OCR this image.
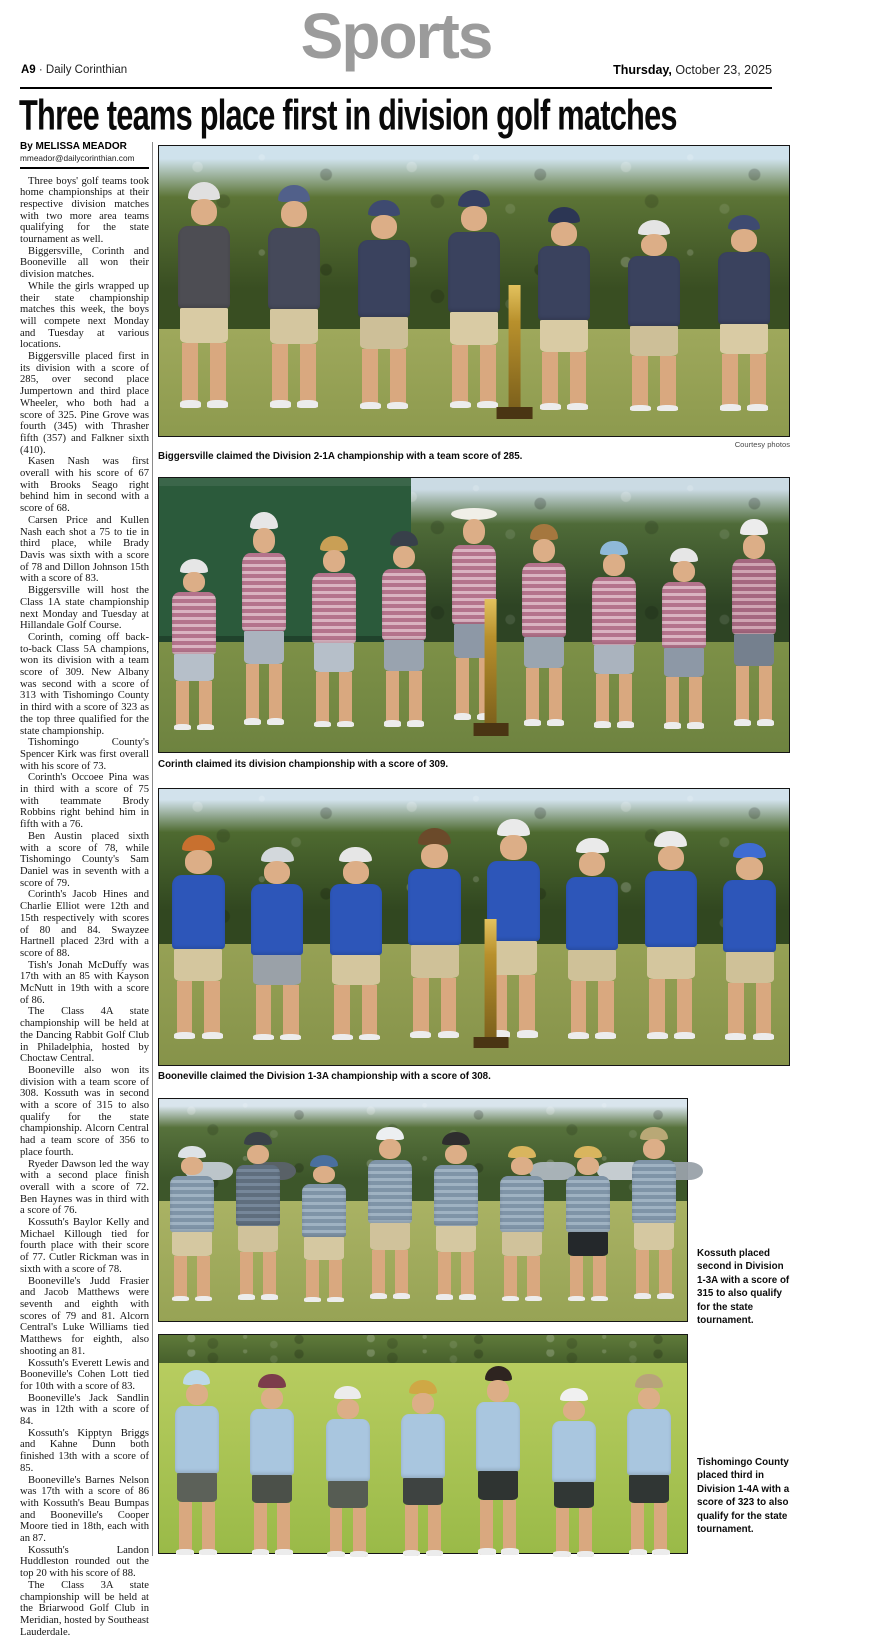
Sports
A9 · Daily Corinthian	Thursday, October 23, 2025
Three teams place first in division golf matches
By MELISSA MEADOR
mmeador@dailycorinthian.com

Three boys' golf teams took home championships at their respective division matches with two more area teams qualifying for the state tournament as well.

Biggersville, Corinth and Booneville all won their division matches.

While the girls wrapped up their state championship matches this week, the boys will compete next Monday and Tuesday at various locations.

Biggersville placed first in its division with a score of 285, over second place Jumpertown and third place Wheeler, who both had a score of 325. Pine Grove was fourth (345) with Thrasher fifth (357) and Falkner sixth (410).

Kasen Nash was first overall with his score of 67 with Brooks Seago right behind him in second with a score of 68.

Carsen Price and Kullen Nash each shot a 75 to tie in third place, while Brady Davis was sixth with a score of 78 and Dillon Johnson 15th with a score of 83.

Biggersville will host the Class 1A state championship next Monday and Tuesday at Hillandale Golf Course.

Corinth, coming off back-to-back Class 5A champions, won its division with a team score of 309. New Albany was second with a score of 313 with Tishomingo County in third with a score of 323 as the top three qualified for the state championship.

Tishomingo County's Spencer Kirk was first overall with his score of 73.

Corinth's Occoee Pina was in third with a score of 75 with teammate Brody Robbins right behind him in fifth with a 76.

Ben Austin placed sixth with a score of 78, while Tishomingo County's Sam Daniel was in seventh with a score of 79.

Corinth's Jacob Hines and Charlie Elliot were 12th and 15th respectively with scores of 80 and 84. Swayzee Hartnell placed 23rd with a score of 88.

Tish's Jonah McDuffy was 17th with an 85 with Kayson McNutt in 19th with a score of 86.

The Class 4A state championship will be held at the Dancing Rabbit Golf Club in Philadelphia, hosted by Choctaw Central.

Booneville also won its division with a team score of 308. Kossuth was in second with a score of 315 to also qualify for the state championship. Alcorn Central had a team score of 356 to place fourth.

Ryeder Dawson led the way with a second place finish overall with a score of 72. Ben Haynes was in third with a score of 76.

Kossuth's Baylor Kelly and Michael Killough tied for fourth place with their score of 77. Cutler Rickman was in sixth with a score of 78.

Booneville's Judd Frasier and Jacob Matthews were seventh and eighth with scores of 79 and 81. Alcorn Central's Luke Williams tied Matthews for eighth, also shooting an 81.

Kossuth's Everett Lewis and Booneville's Cohen Lott tied for 10th with a score of 83.

Booneville's Jack Sandlin was in 12th with a score of 84.

Kossuth's Kipptyn Briggs and Kahne Dunn both finished 13th with a score of 85.

Booneville's Barnes Nelson was 17th with a score of 86 with Kossuth's Beau Bumpas and Booneville's Cooper Moore tied in 18th, each with an 87.

Kossuth's Landon Huddleston rounded out the top 20 with his score of 88.

The Class 3A state championship will be held at the Briarwood Golf Club in Meridian, hosted by Southeast Lauderdale.

Courtesy photos
Biggersville claimed the Division 2-1A championship with a team score of 285.
Corinth claimed its division championship with a score of 309.
Booneville claimed the Division 1-3A championship with a score of 308.
Kossuth placed second in Division 1-3A with a score of 315 to also qualify for the state tournament.
Tishomingo County placed third in Division 1-4A with a score of 323 to also qualify for the state tournament.
